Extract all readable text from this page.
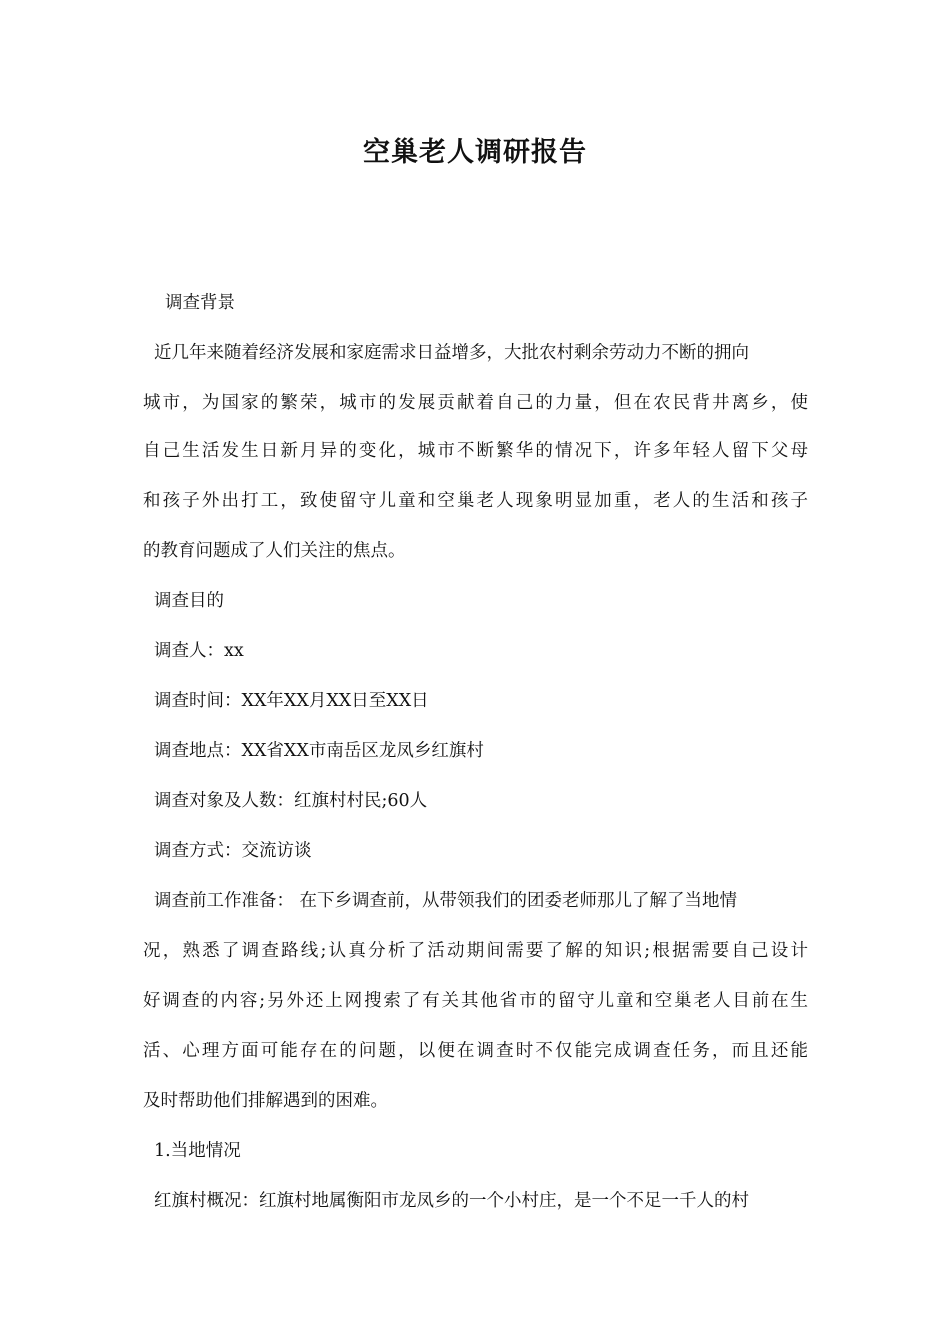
空巢老人调研报告
调查背景
近几年来随着经济发展和家庭需求日益增多，大批农村剩余劳动力不断的拥向
城市，为国家的繁荣，城市的发展贡献着自己的力量，但在农民背井离乡，使
自己生活发生日新月异的变化，城市不断繁华的情况下，许多年轻人留下父母
和孩子外出打工，致使留守儿童和空巢老人现象明显加重，老人的生活和孩子
的教育问题成了人们关注的焦点。
调查目的
调查人：xx
调查时间：XX年XX月XX日至XX日
调查地点：XX省XX市南岳区龙凤乡红旗村
调查对象及人数：红旗村村民;60人
调查方式：交流访谈
调查前工作准备： 在下乡调查前，从带领我们的团委老师那儿了解了当地情
况，熟悉了调查路线;认真分析了活动期间需要了解的知识;根据需要自己设计
好调查的内容;另外还上网搜索了有关其他省市的留守儿童和空巢老人目前在生
活、心理方面可能存在的问题，以便在调查时不仅能完成调查任务，而且还能
及时帮助他们排解遇到的困难。
1.当地情况
红旗村概况：红旗村地属衡阳市龙凤乡的一个小村庄，是一个不足一千人的村
